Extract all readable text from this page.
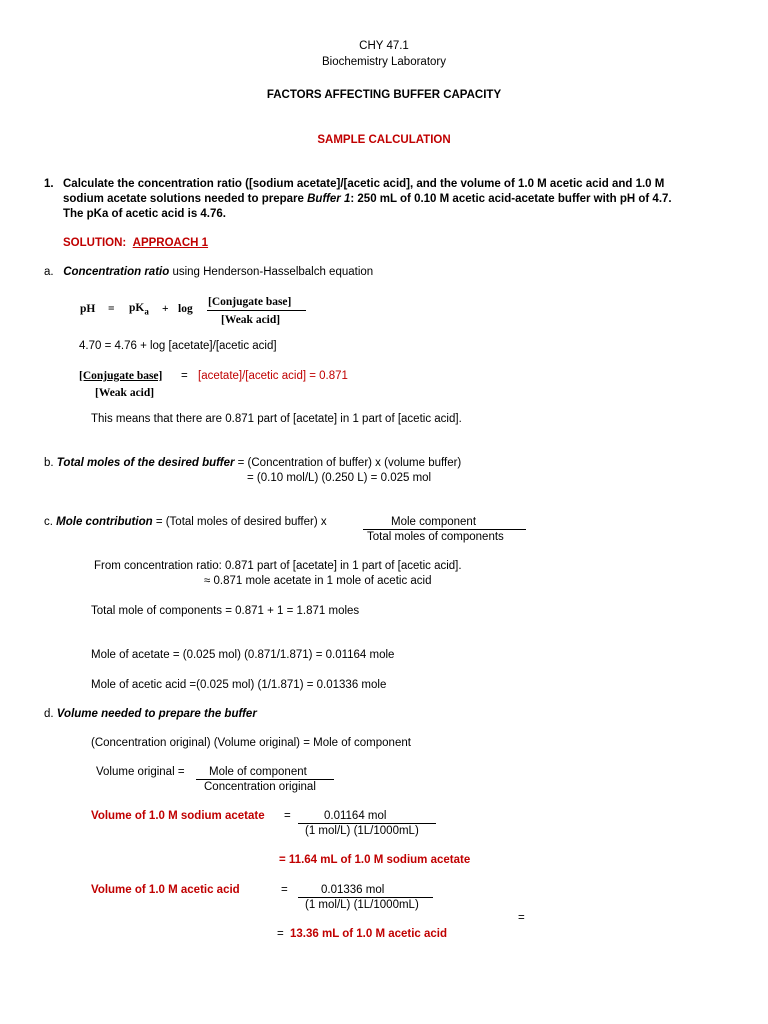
CHY 47.1
Biochemistry Laboratory
FACTORS AFFECTING BUFFER CAPACITY
SAMPLE CALCULATION
1. Calculate the concentration ratio ([sodium acetate]/[acetic acid], and the volume of 1.0 M acetic acid and 1.0 M
sodium acetate solutions needed to prepare Buffer 1: 250 mL of 0.10 M acetic acid-acetate buffer with pH of 4.7.
The pKa of acetic acid is 4.76.
SOLUTION: APPROACH 1
a. Concentration ratio using Henderson-Hasselbalch equation
pH = $pK_a + \log$
[Conjugate base]
[Weak acid]
4.70 = 4.76 + log [acetate]/[acetic acid]
[Conjugate base] =
[Weak acid]
[acetate]/[acetic acid] = 0.871
This means that there are 0.871 part of [acetate] in 1 part of [acetic acid].
b. Total moles of the desired buffer = (Concentration of buffer) x (volume buffer)
= (0.10 mol/L) (0.250 L) = 0.025 mol
c. Mole contribution = (Total moles of desired buffer) x	Mole component
Total moles of components
From concentration ratio: 0.871 part of [acetate] in 1 part of [acetic acid].
≈ 0.871 mole acetate in 1 mole of acetic acid
Total mole of components = 0.871 + 1 = 1.871 moles
Mole of acetate = (0.025 mol) (0.871/1.871) = 0.01164 mole
Mole of acetic acid =(0.025 mol) (1/1.871) = 0.01336 mole
d. Volume needed to prepare the buffer
(Concentration original) (Volume original) = Mole of component
Volume original = Mole of component
Concentration original
Volume of 1.0 M sodium acetate =	0.01164 mol
(1 mol/L) (1L/1000mL)
= 11.64 mL of 1.0 M sodium acetate
Volume of 1.0 M acetic acid	=	0.01336 mol
(1 mol/L) (1L/1000mL)
=
= 13.36 mL of 1.0 M acetic acid
